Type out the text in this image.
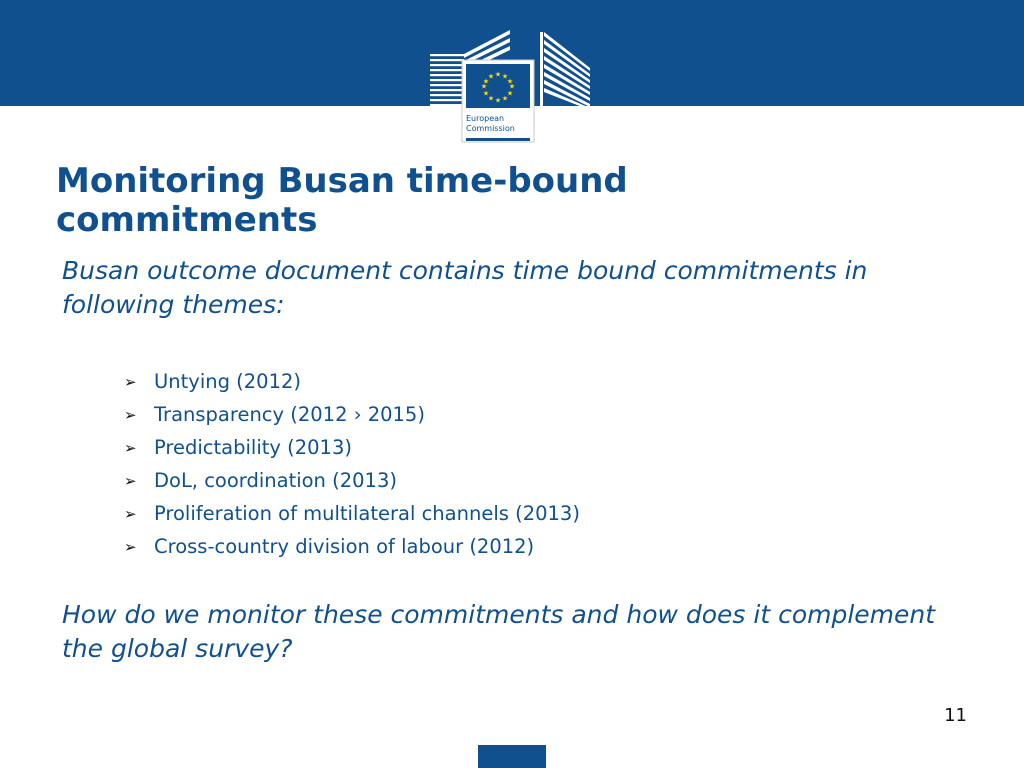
★ ★
★
★
★
★
★
★
★
★
★
★
European
Commission
Monitoring Busan time-bound
commitments

Busan outcome document contains time bound commitments in following themes:

➢ Untying (2012)
➢ Transparency (2012 › 2015)
➢ Predictability (2013)
➢ DoL, coordination (2013)
➢ Proliferation of multilateral channels (2013)
➢ Cross-country division of labour (2012)

How do we monitor these commitments and how does it complement the global survey?

11
